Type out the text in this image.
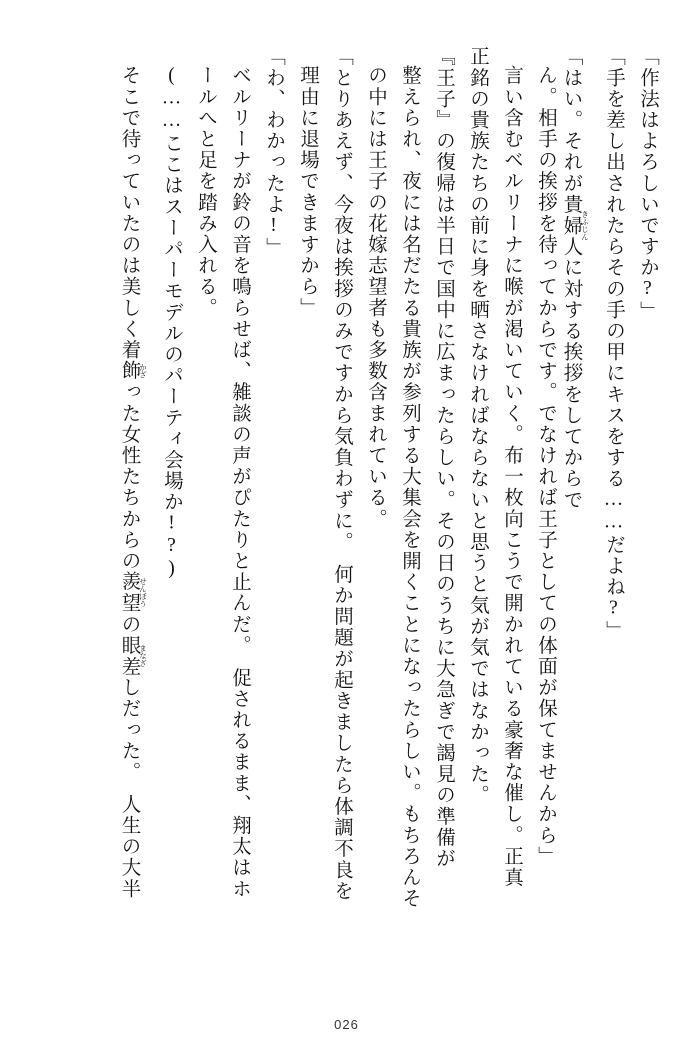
「作法はよろしいですか?」
「手を差し出されたらその手の甲にキスをする……だよね?」
「はい。それが貴婦人 きふじんに対する挨拶をしてからで
ん。相手の挨拶を待ってからです。でなければ王子としての体面が保てませんから」
言い含むベルリーナに喉が渇いていく。布一枚向こうで開かれている豪奢な催し。正真
正銘の貴族たちの前に身を晒さなければならないと思うと気が気ではなかった。
『王子』の復帰は半日で国中に広まったらしい。その日のうちに大急ぎで謁見の準備が
整えられ、夜には名だたる貴族が参列する大集会を開くことになったらしい。もちろんそ
の中には王子の花嫁志望者も多数含まれている。
「とりあえず、今夜は挨拶のみですから気負わずに。　何か問題が起きましたら体調不良を
理由に退場できますから」
「わ、わかったよ!」
ベルリーナが鈴の音を鳴らせば、雑談の声がぴたりと止んだ。　促されるまま、翔太はホ
ールへと足を踏み入れる。
(……ここはスーパーモデルのパーティ会場か!?)
そこで待っていたのは美しく着飾 かざった女性たちからの羨望 せんぼうの眼差 まなざしだった。　人生の大半
026
